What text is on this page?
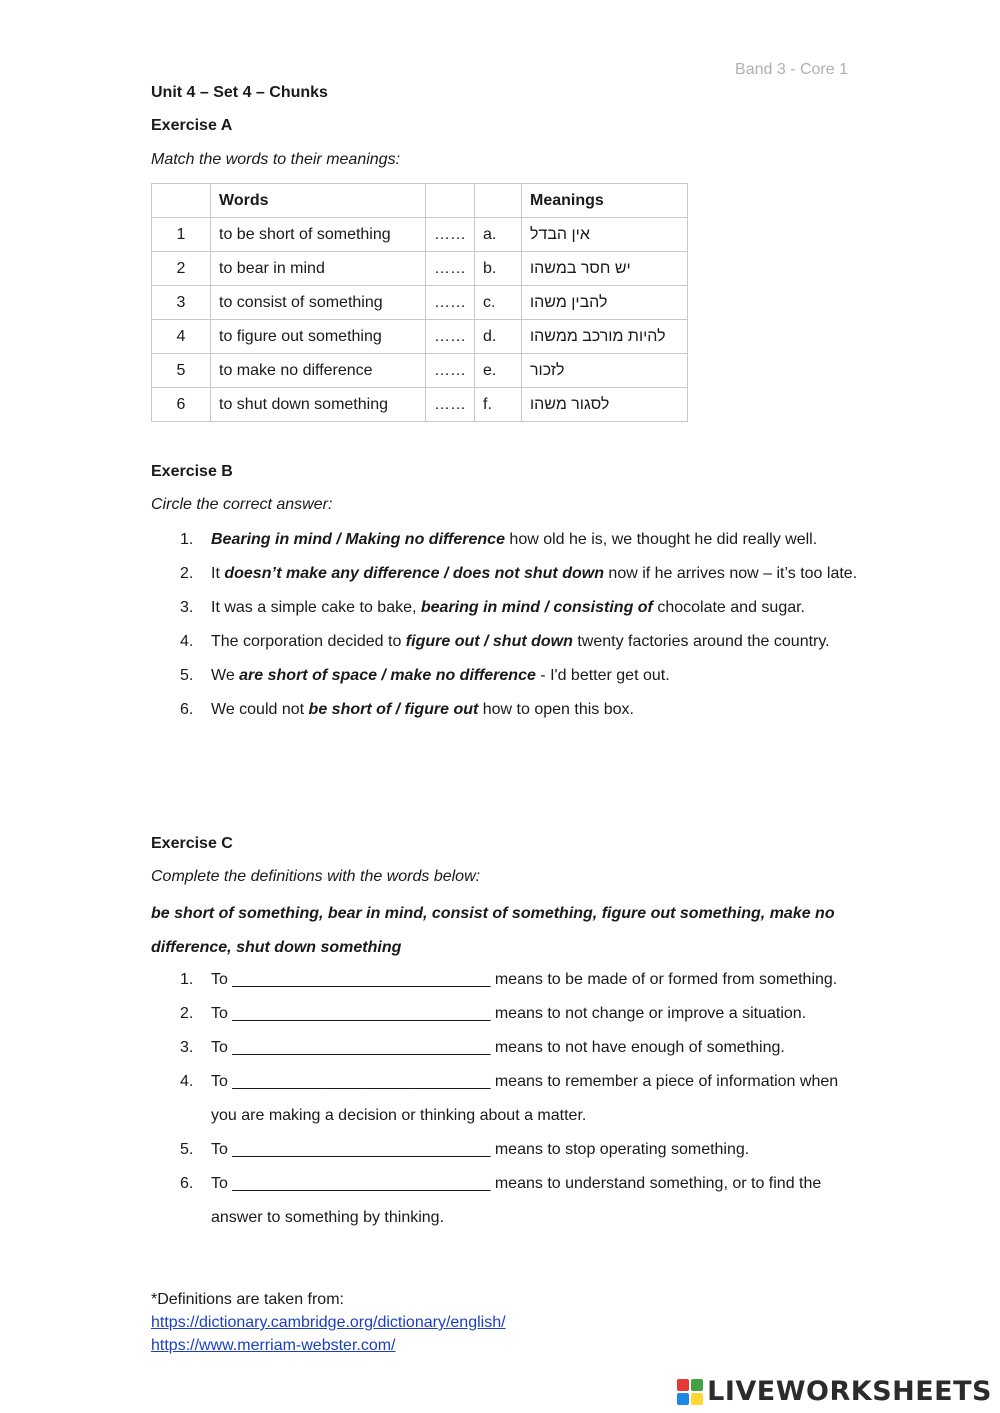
Band 3 - Core 1
Unit 4 – Set 4 – Chunks
Exercise A
Match the words to their meanings:
	Words			Meanings
1	to be short of something	……	a.	אין הבדל
2	to bear in mind	……	b.	יש חסר במשהו
3	to consist of something	……	c.	להבין משהו
4	to figure out something	……	d.	להיות מורכב ממשהו
5	to make no difference	……	e.	לזכור
6	to shut down something	……	f.	לסגור משהו
Exercise B
Circle the correct answer:
1. Bearing in mind / Making no difference how old he is, we thought he did really well.
2. It doesn’t make any difference / does not shut down now if he arrives now – it’s too late.
3. It was a simple cake to bake, bearing in mind / consisting of chocolate and sugar.
4. The corporation decided to figure out / shut down twenty factories around the country.
5. We are short of space / make no difference - I'd better get out.
6. We could not be short of / figure out how to open this box.
Exercise C
Complete the definitions with the words below:
be short of something, bear in mind, consist of something, figure out something, make no difference, shut down something
1. To _____________________________ means to be made of or formed from something.
2. To _____________________________ means to not change or improve a situation.
3. To _____________________________ means to not have enough of something.
4. To _____________________________ means to remember a piece of information when you are making a decision or thinking about a matter.
5. To _____________________________ means to stop operating something.
6. To _____________________________ means to understand something, or to find the answer to something by thinking.
*Definitions are taken from:
https://dictionary.cambridge.org/dictionary/english/
https://www.merriam-webster.com/
LIVEWORKSHEETS
